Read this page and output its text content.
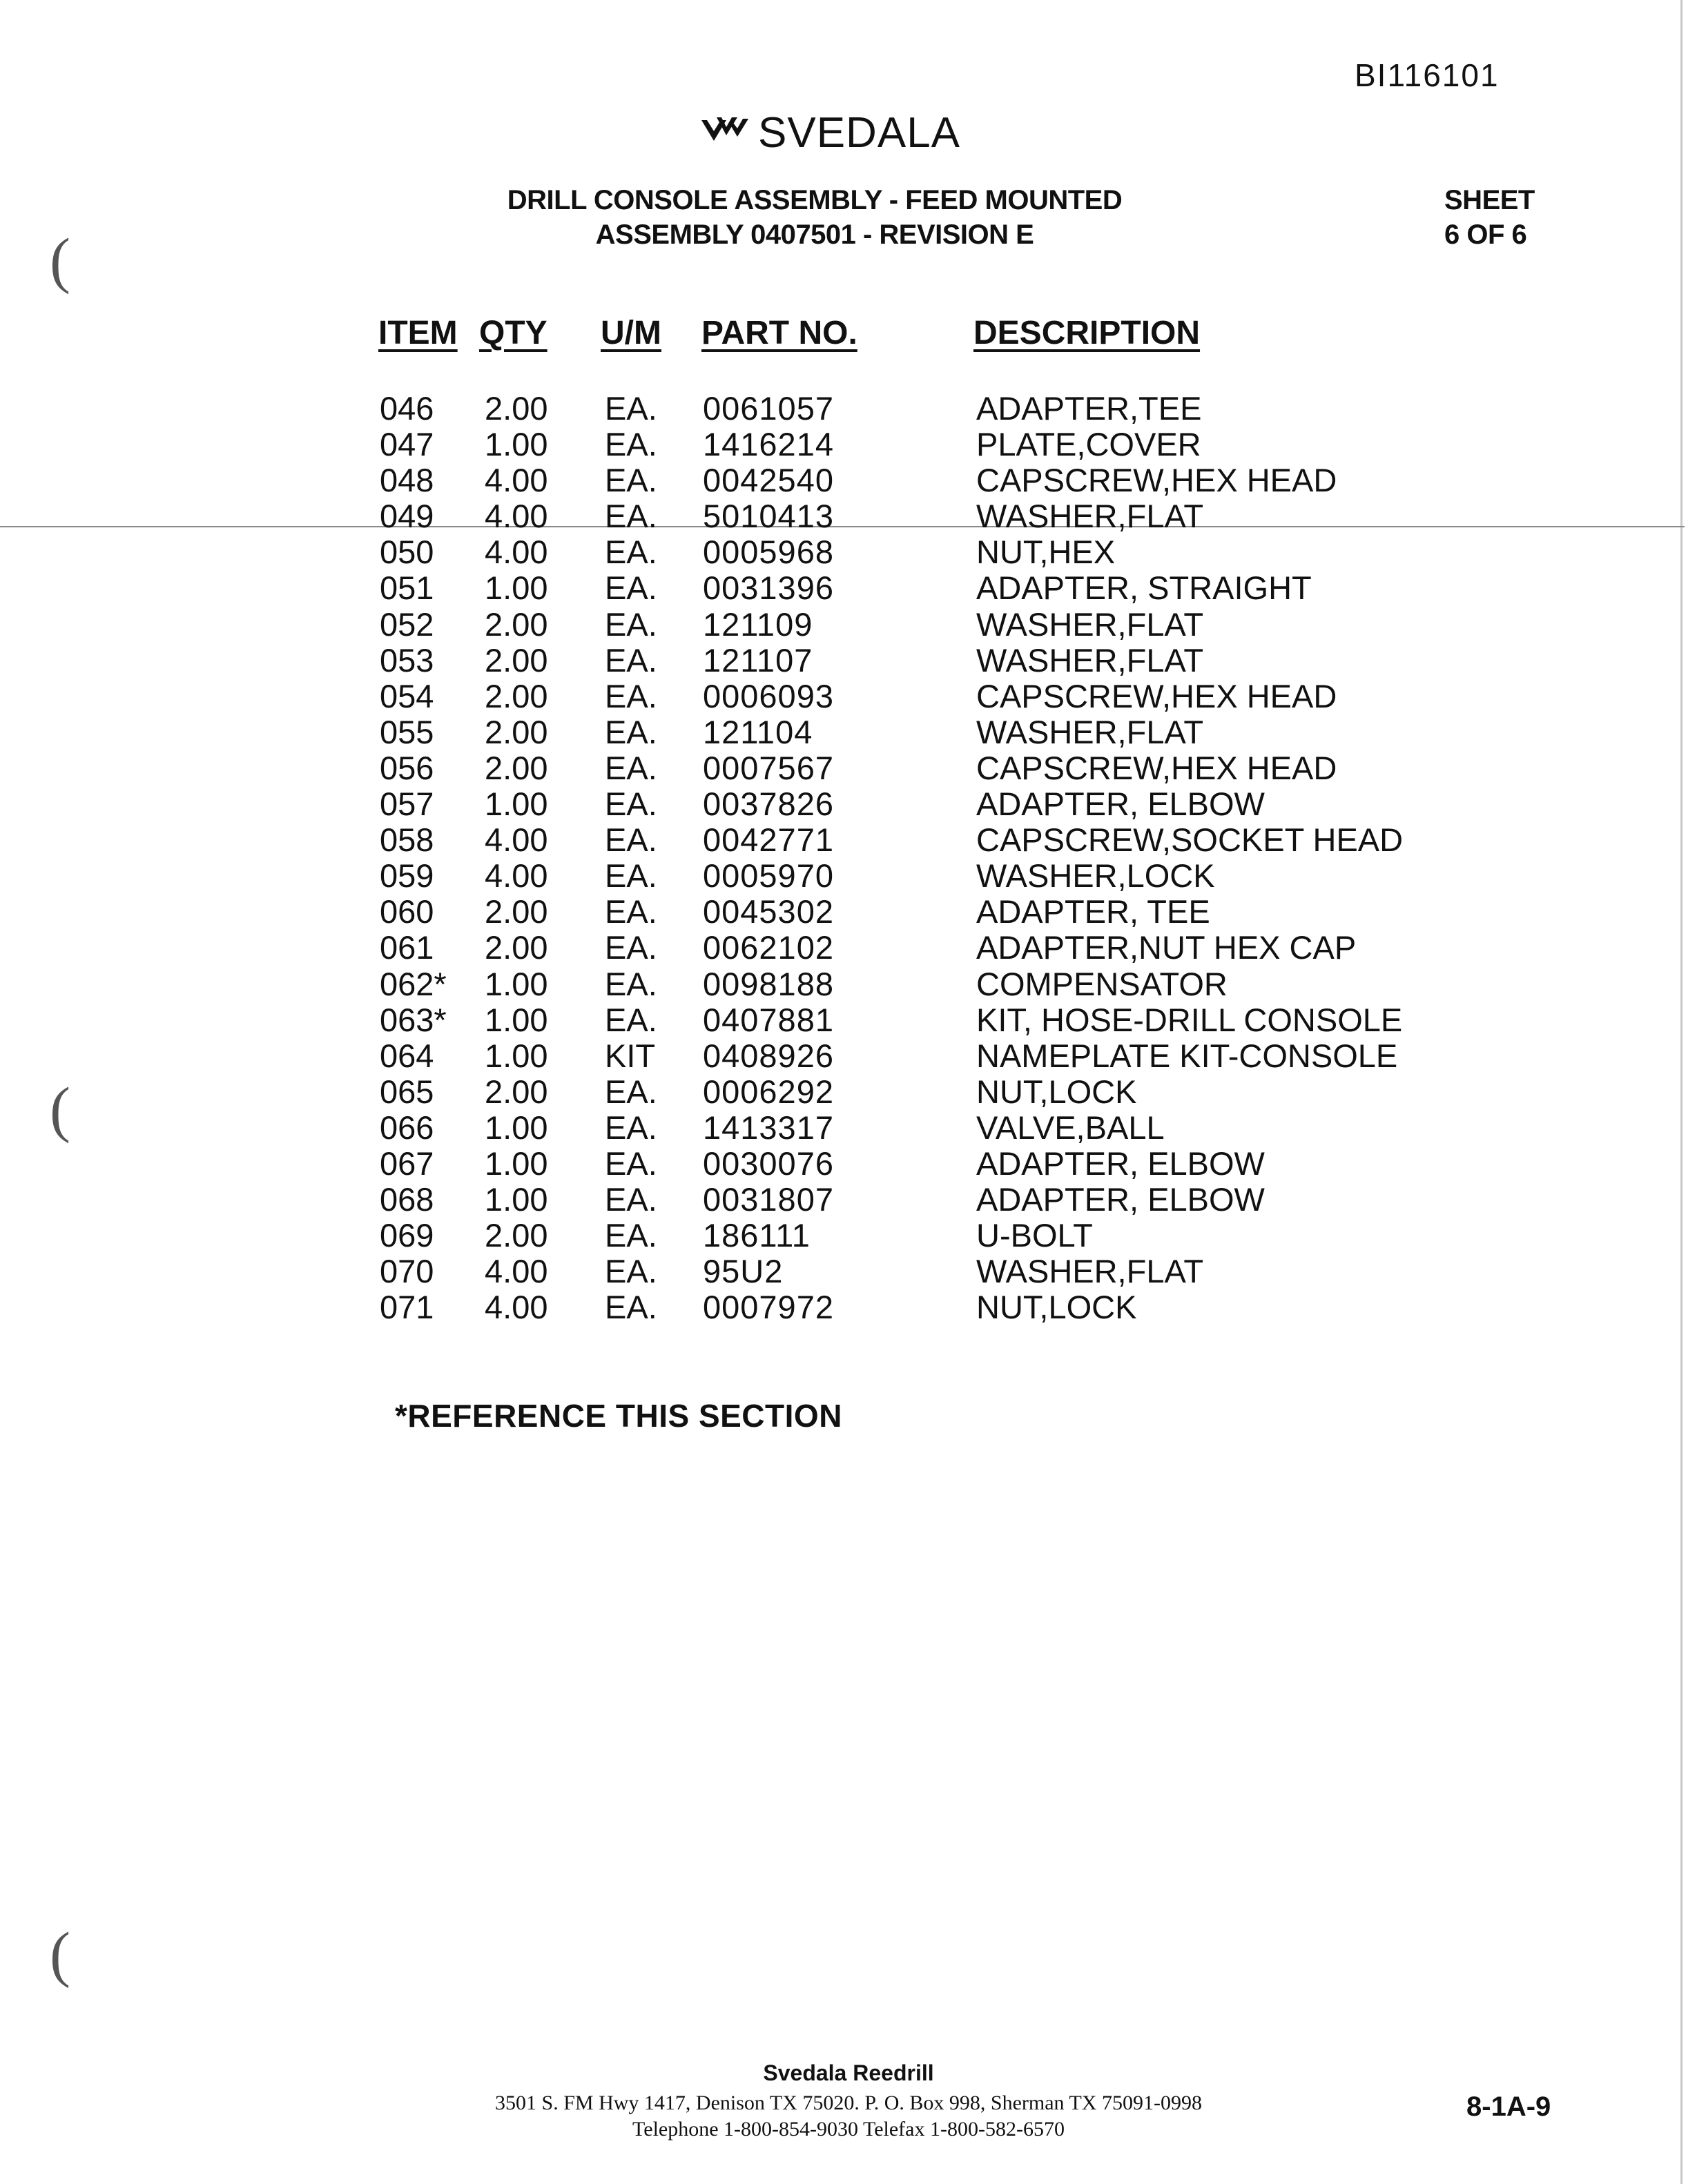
BI116101
SVEDALA
DRILL CONSOLE ASSEMBLY - FEED MOUNTED
ASSEMBLY 0407501 - REVISION E
SHEET
6 OF 6
ITEM QTY U/M PART NO.	DESCRIPTION
046 2.00 EA. 0061057	ADAPTER,TEE
047 1.00 EA. 1416214	PLATE,COVER
048 4.00 EA. 0042540	CAPSCREW,HEX HEAD
049 4.00 EA. 5010413	WASHER,FLAT
050 4.00 EA. 0005968	NUT,HEX
051 1.00 EA. 0031396	ADAPTER, STRAIGHT
052 2.00 EA. 121109	WASHER,FLAT
053 2.00 EA. 121107	WASHER,FLAT
054 2.00 EA. 0006093	CAPSCREW,HEX HEAD
055 2.00 EA. 121104	WASHER,FLAT
056 2.00 EA. 0007567	CAPSCREW,HEX HEAD
057 1.00 EA. 0037826	ADAPTER, ELBOW
058 4.00 EA. 0042771	CAPSCREW,SOCKET HEAD
059 4.00 EA. 0005970	WASHER,LOCK
060 2.00 EA. 0045302	ADAPTER, TEE
061 2.00 EA. 0062102	ADAPTER,NUT HEX CAP
062* 1.00 EA. 0098188	COMPENSATOR
063* 1.00 EA. 0407881	KIT, HOSE-DRILL CONSOLE
064 1.00 KIT 0408926	NAMEPLATE KIT-CONSOLE
065 2.00 EA. 0006292	NUT,LOCK
066 1.00 EA. 1413317	VALVE,BALL
067 1.00 EA. 0030076	ADAPTER, ELBOW
068 1.00 EA. 0031807	ADAPTER, ELBOW
069 2.00 EA. 186111	U-BOLT
070 4.00 EA. 95U2	WASHER,FLAT
071 4.00 EA. 0007972	NUT,LOCK
*REFERENCE THIS SECTION
(
(
(
Svedala Reedrill
3501 S. FM Hwy 1417, Denison TX 75020. P. O. Box 998, Sherman TX 75091-0998
Telephone 1-800-854-9030 Telefax 1-800-582-6570
8-1A-9
